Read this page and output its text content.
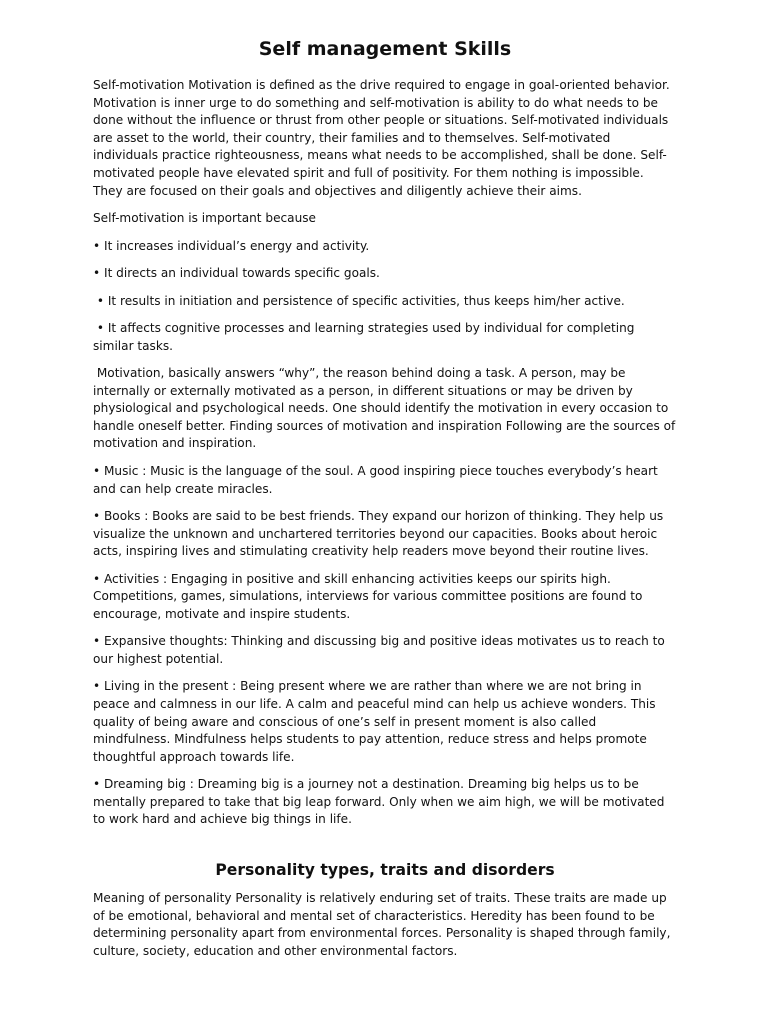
Self management Skills

Self-motivation Motivation is defined as the drive required to engage in goal-oriented behavior. Motivation is inner urge to do something and self-motivation is ability to do what needs to be done without the influence or thrust from other people or situations. Self-motivated individuals are asset to the world, their country, their families and to themselves. Self-motivated individuals practice righteousness, means what needs to be accomplished, shall be done. Self-motivated people have elevated spirit and full of positivity. For them nothing is impossible. They are focused on their goals and objectives and diligently achieve their aims.

Self-motivation is important because

• It increases individual’s energy and activity.

• It directs an individual towards specific goals.

• It results in initiation and persistence of specific activities, thus keeps him/her active.

• It affects cognitive processes and learning strategies used by individual for completing similar tasks.

Motivation, basically answers “why”, the reason behind doing a task. A person, may be internally or externally motivated as a person, in different situations or may be driven by physiological and psychological needs. One should identify the motivation in every occasion to handle oneself better. Finding sources of motivation and inspiration Following are the sources of motivation and inspiration.

• Music : Music is the language of the soul. A good inspiring piece touches everybody’s heart and can help create miracles.

• Books : Books are said to be best friends. They expand our horizon of thinking. They help us visualize the unknown and unchartered territories beyond our capacities. Books about heroic acts, inspiring lives and stimulating creativity help readers move beyond their routine lives.

• Activities : Engaging in positive and skill enhancing activities keeps our spirits high. Competitions, games, simulations, interviews for various committee positions are found to encourage, motivate and inspire students.

• Expansive thoughts: Thinking and discussing big and positive ideas motivates us to reach to our highest potential.

• Living in the present : Being present where we are rather than where we are not bring in peace and calmness in our life. A calm and peaceful mind can help us achieve wonders. This quality of being aware and conscious of one’s self in present moment is also called mindfulness. Mindfulness helps students to pay attention, reduce stress and helps promote thoughtful approach towards life.

• Dreaming big : Dreaming big is a journey not a destination. Dreaming big helps us to be mentally prepared to take that big leap forward. Only when we aim high, we will be motivated to work hard and achieve big things in life.

Personality types, traits and disorders

Meaning of personality Personality is relatively enduring set of traits. These traits are made up of be emotional, behavioral and mental set of characteristics. Heredity has been found to be determining personality apart from environmental forces. Personality is shaped through family, culture, society, education and other environmental factors.
